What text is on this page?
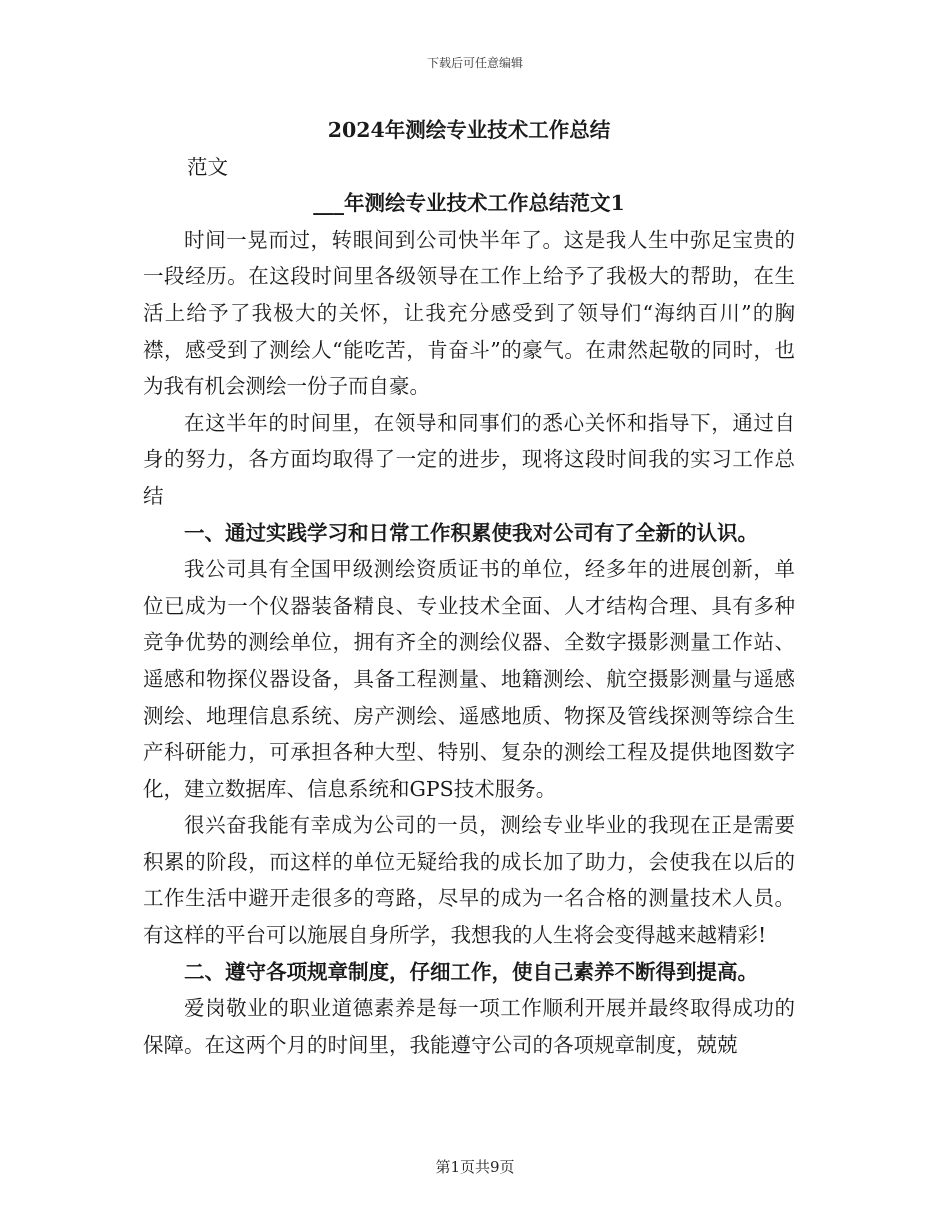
下载后可任意编辑

2024年测绘专业技术工作总结

范文

___年测绘专业技术工作总结范文1

时间一晃而过，转眼间到公司快半年了。这是我人生中弥足宝贵的一段经历。在这段时间里各级领导在工作上给予了我极大的帮助，在生活上给予了我极大的关怀，让我充分感受到了领导们“海纳百川”的胸襟，感受到了测绘人“能吃苦，肯奋斗”的豪气。在肃然起敬的同时，也为我有机会测绘一份子而自豪。

在这半年的时间里，在领导和同事们的悉心关怀和指导下，通过自身的努力，各方面均取得了一定的进步，现将这段时间我的实习工作总结

一、通过实践学习和日常工作积累使我对公司有了全新的认识。

我公司具有全国甲级测绘资质证书的单位，经多年的进展创新，单位已成为一个仪器装备精良、专业技术全面、人才结构合理、具有多种竞争优势的测绘单位，拥有齐全的测绘仪器、全数字摄影测量工作站、遥感和物探仪器设备，具备工程测量、地籍测绘、航空摄影测量与遥感测绘、地理信息系统、房产测绘、遥感地质、物探及管线探测等综合生产科研能力，可承担各种大型、特别、复杂的测绘工程及提供地图数字化，建立数据库、信息系统和GPS技术服务。

很兴奋我能有幸成为公司的一员，测绘专业毕业的我现在正是需要积累的阶段，而这样的单位无疑给我的成长加了助力，会使我在以后的工作生活中避开走很多的弯路，尽早的成为一名合格的测量技术人员。有这样的平台可以施展自身所学，我想我的人生将会变得越来越精彩!

二、遵守各项规章制度，仔细工作，使自己素养不断得到提高。

爱岗敬业的职业道德素养是每一项工作顺利开展并最终取得成功的保障。在这两个月的时间里，我能遵守公司的各项规章制度，兢兢

第1页共9页
